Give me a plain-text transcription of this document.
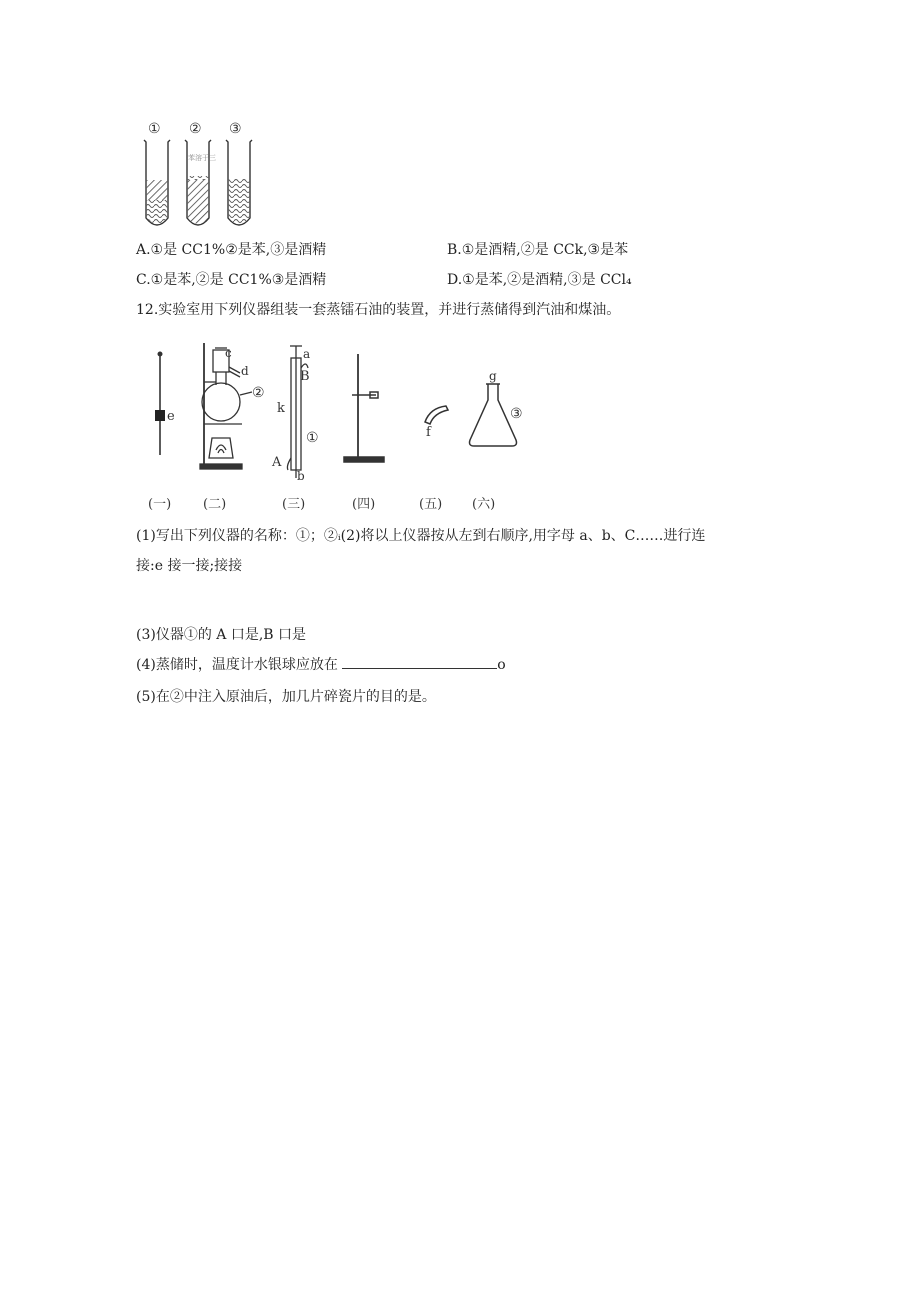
① ② ③
苯溶于三
A.①是 CC1%②是苯,③是酒精	B.①是酒精,②是 CCk,③是苯
C.①是苯,②是 CC1%③是酒精	D.①是苯,②是酒精,③是 CCl₄
12.实验室用下列仪器组装一套蒸镭石油的装置，并进行蒸储得到汽油和煤油。
e
c
d
②
a
B
k
①
A
b
f
g
③
(一) (二)	(三)	(四)	(五) (六)
(1)写出下列仪器的名称：①；②ᵢ(2)将以上仪器按从左到右顺序,用字母 a、b、C……进行连
接:e 接一接;接接
(3)仪器①的 A 口是,B 口是
(4)蒸储时，温度计水银球应放在	o
(5)在②中注入原油后，加几片碎瓷片的目的是。
